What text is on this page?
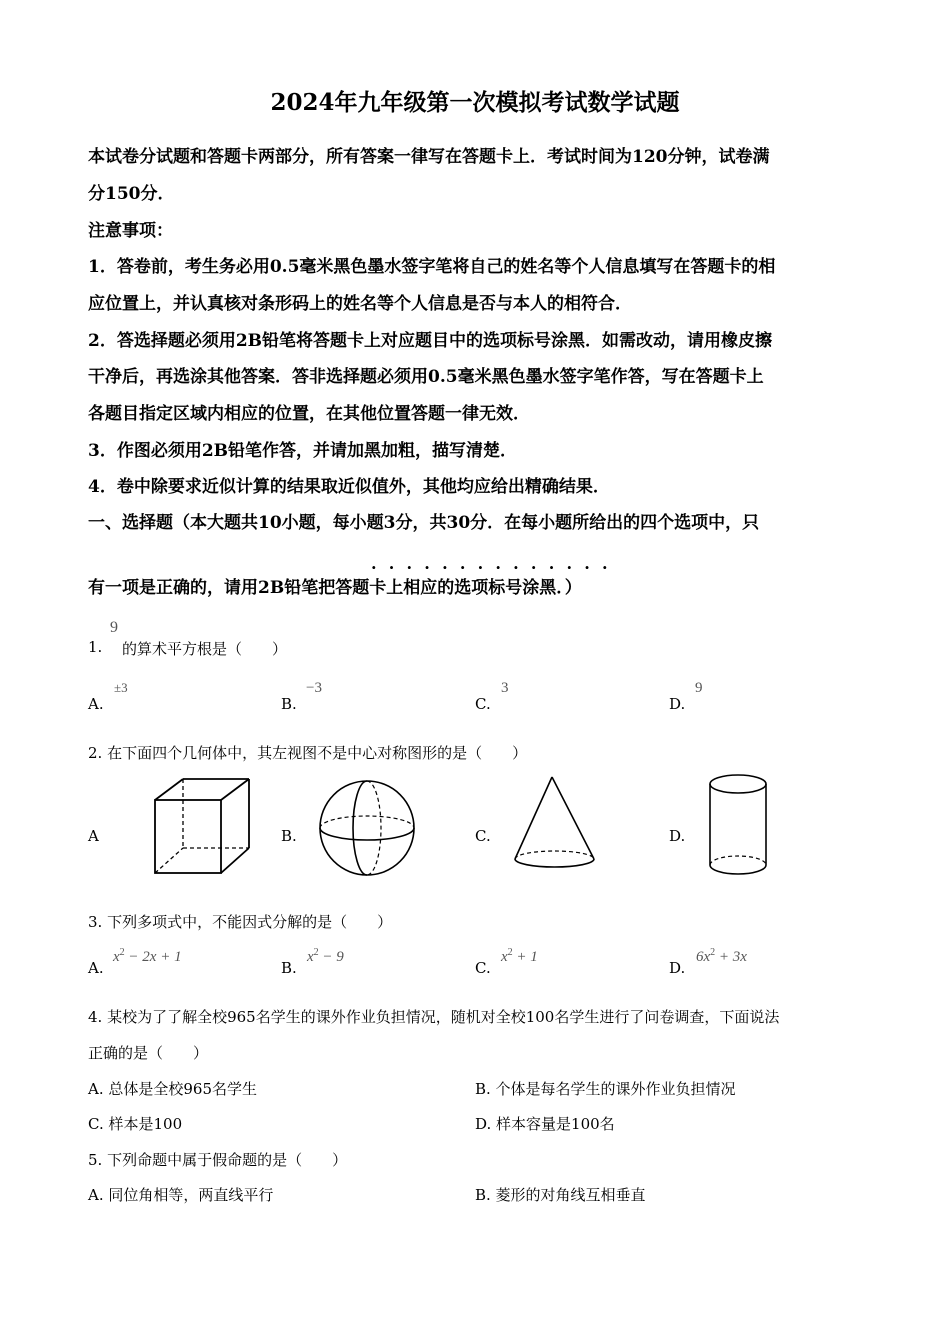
2024年九年级第一次模拟考试数学试题
本试卷分试题和答题卡两部分，所有答案一律写在答题卡上．考试时间为120分钟，试卷满
分150分．
注意事项：
1．答卷前，考生务必用0.5毫米黑色墨水签字笔将自己的姓名等个人信息填写在答题卡的相
应位置上，并认真核对条形码上的姓名等个人信息是否与本人的相符合．
2．答选择题必须用2B铅笔将答题卡上对应题目中的选项标号涂黑．如需改动，请用橡皮擦
干净后，再选涂其他答案．答非选择题必须用0.5毫米黑色墨水签字笔作答，写在答题卡上
各题目指定区域内相应的位置，在其他位置答题一律无效．
3．作图必须用2B铅笔作答，并请加黑加粗，描写清楚．
4．卷中除要求近似计算的结果取近似值外，其他均应给出精确结果．
一、选择题（本大题共10小题，每小题3分，共30分．在每小题所给出的四个选项中，只
..............
有一项是正确的，请用2B铅笔把答题卡上相应的选项标号涂黑．）
1.
9
的算术平方根是（　　）
A.
±3
B.
−3
C.
3
D.
9
2. 在下面四个几何体中，其左视图不是中心对称图形的是（　　）
A	B.	C.	D.
3. 下列多项式中，不能因式分解的是（　　）
A.
$x^2 - 2x + 1$
B.
$x^2 - 9$
C.
$x^2 + 1$
D.
$6x^2 + 3x$
4. 某校为了了解全校965名学生的课外作业负担情况，随机对全校100名学生进行了问卷调查，下面说法
正确的是（　　）
A. 总体是全校965名学生	B. 个体是每名学生的课外作业负担情况
C. 样本是100	D. 样本容量是100名
5. 下列命题中属于假命题的是（　　）
A. 同位角相等，两直线平行	B. 菱形的对角线互相垂直
